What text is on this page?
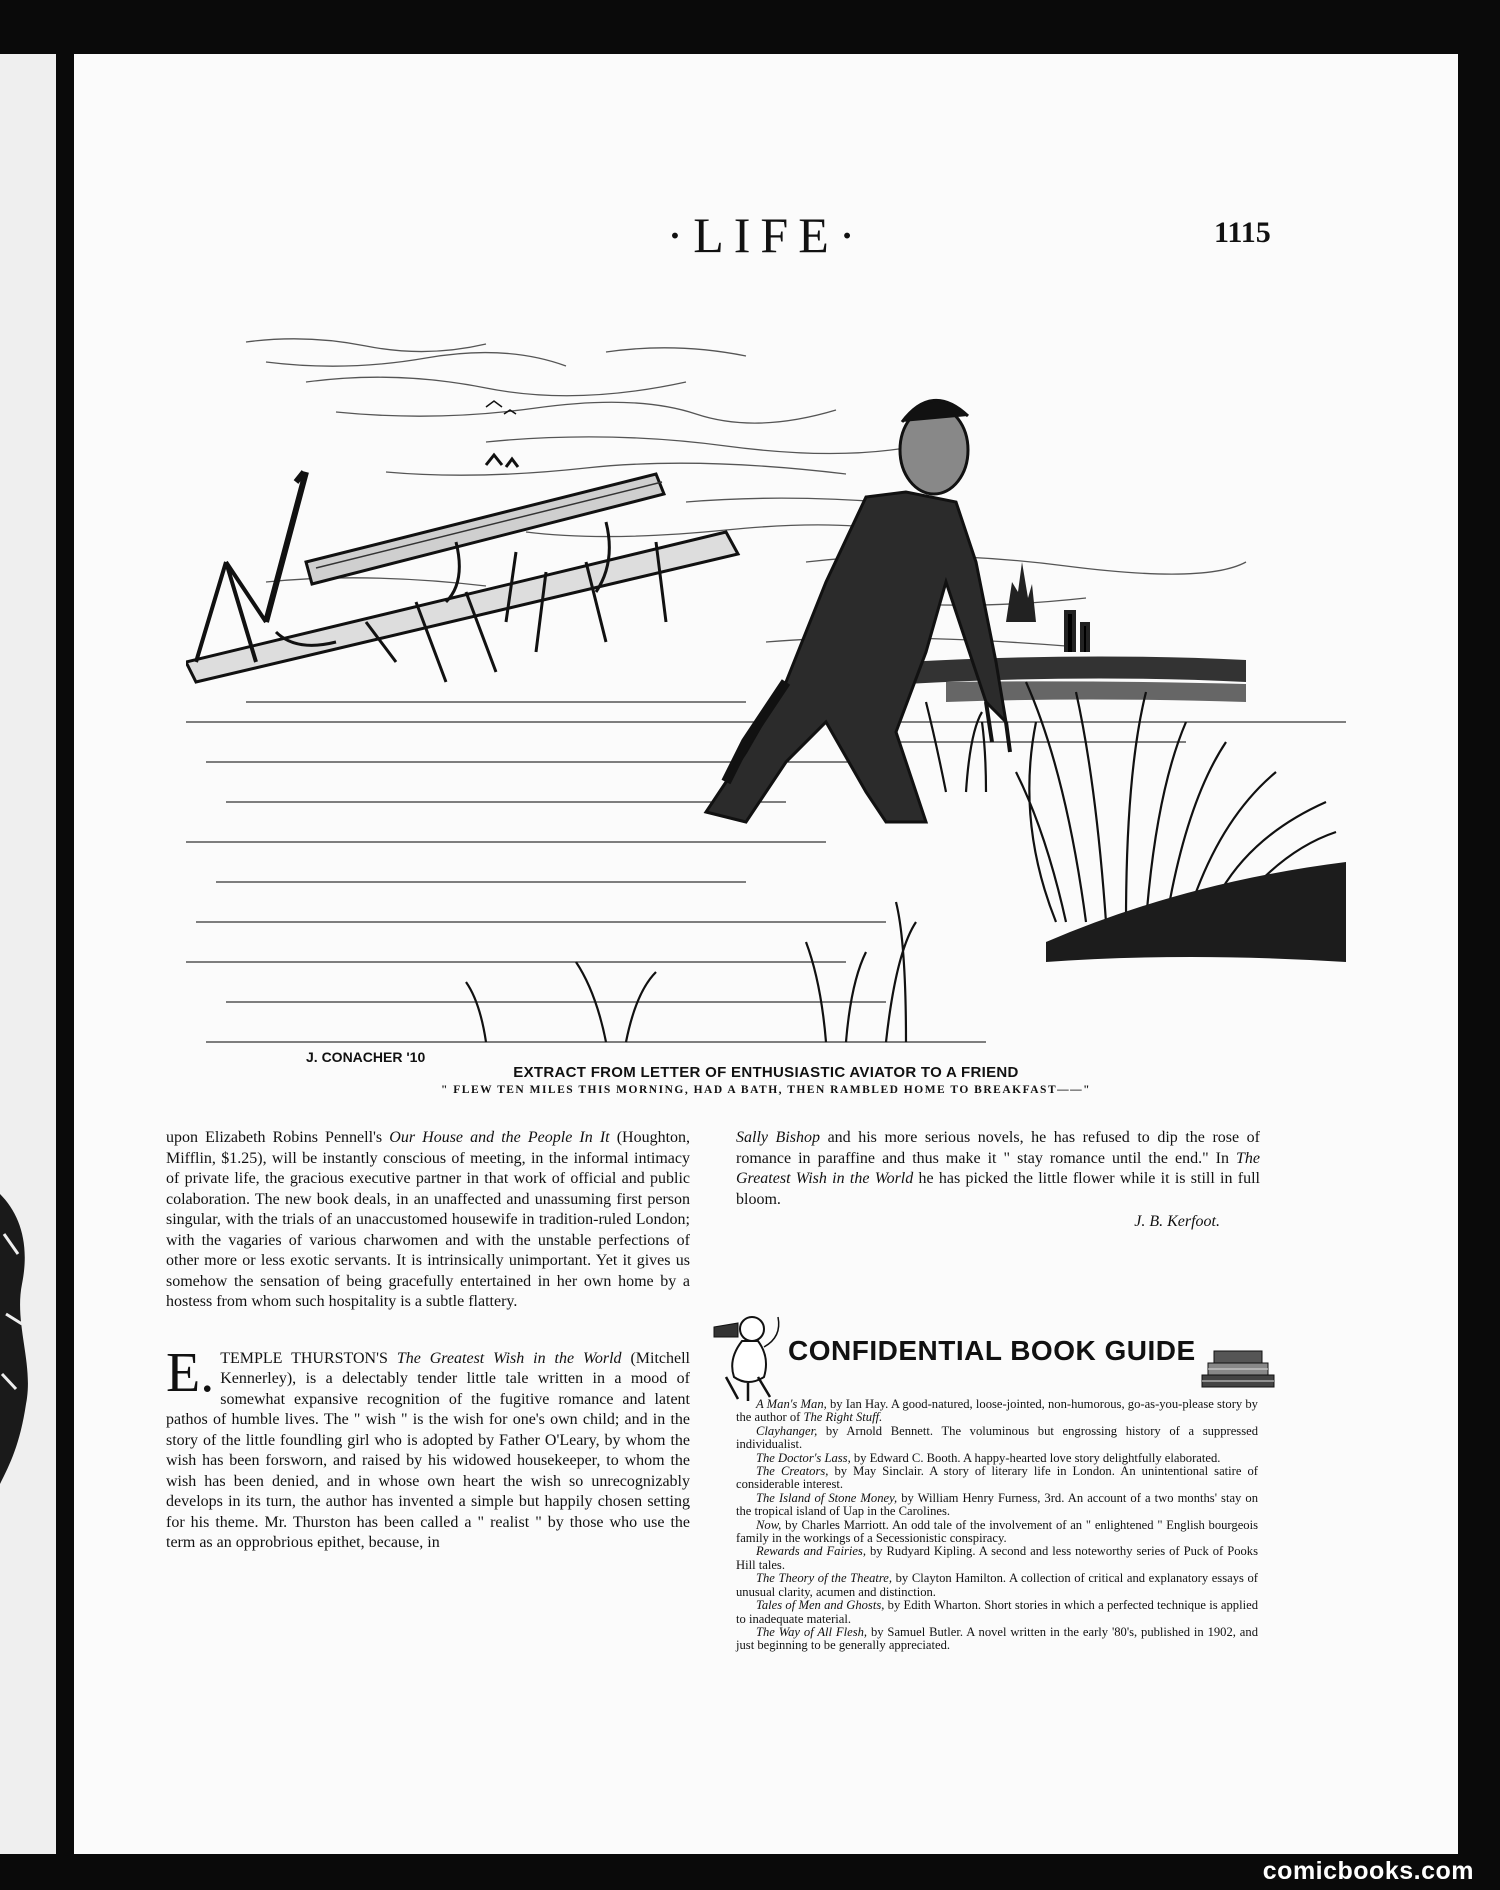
·LIFE·	1115
J. CONACHER '10
EXTRACT FROM LETTER OF ENTHUSIASTIC AVIATOR TO A FRIEND
" FLEW TEN MILES THIS MORNING, HAD A BATH, THEN RAMBLED HOME TO BREAKFAST——"

upon Elizabeth Robins Pennell's Our House and the People In It (Houghton, Mifflin, $1.25), will be instantly conscious of meeting, in the informal intimacy of private life, the gracious executive partner in that work of official and public colaboration. The new book deals, in an unaffected and unassuming first person singular, with the trials of an unaccustomed housewife in tradition-ruled London; with the vagaries of various charwomen and with the unstable perfections of other more or less exotic servants. It is intrinsically unimportant. Yet it gives us somehow the sensation of being gracefully entertained in her own home by a hostess from whom such hospitality is a subtle flattery.

E. TEMPLE THURSTON'S The Greatest Wish in the World (Mitchell Kennerley), is a delectably tender little tale written in a mood of somewhat expansive recognition of the fugitive romance and latent pathos of humble lives. The " wish " is the wish for one's own child; and in the story of the little foundling girl who is adopted by Father O'Leary, by whom the wish has been forsworn, and raised by his widowed housekeeper, to whom the wish has been denied, and in whose own heart the wish so unrecognizably develops in its turn, the author has invented a simple but happily chosen setting for his theme. Mr. Thurston has been called a " realist " by those who use the term as an opprobrious epithet, because, in

Sally Bishop and his more serious novels, he has refused to dip the rose of romance in paraffine and thus make it " stay romance until the end." In The Greatest Wish in the World he has picked the little flower while it is still in full bloom.

J. B. Kerfoot.
CONFIDENTIAL BOOK GUIDE

A Man's Man, by Ian Hay. A good-natured, loose-jointed, non-humorous, go-as-you-please story by the author of The Right Stuff.

Clayhanger, by Arnold Bennett. The voluminous but engrossing history of a suppressed individualist.

The Doctor's Lass, by Edward C. Booth. A happy-hearted love story delightfully elaborated.

The Creators, by May Sinclair. A story of literary life in London. An unintentional satire of considerable interest.

The Island of Stone Money, by William Henry Furness, 3rd. An account of a two months' stay on the tropical island of Uap in the Carolines.

Now, by Charles Marriott. An odd tale of the involvement of an " enlightened " English bourgeois family in the workings of a Secessionistic conspiracy.

Rewards and Fairies, by Rudyard Kipling. A second and less noteworthy series of Puck of Pooks Hill tales.

The Theory of the Theatre, by Clayton Hamilton. A collection of critical and explanatory essays of unusual clarity, acumen and distinction.

Tales of Men and Ghosts, by Edith Wharton. Short stories in which a perfected technique is applied to inadequate material.

The Way of All Flesh, by Samuel Butler. A novel written in the early '80's, published in 1902, and just beginning to be generally appreciated.

comicbooks.com
